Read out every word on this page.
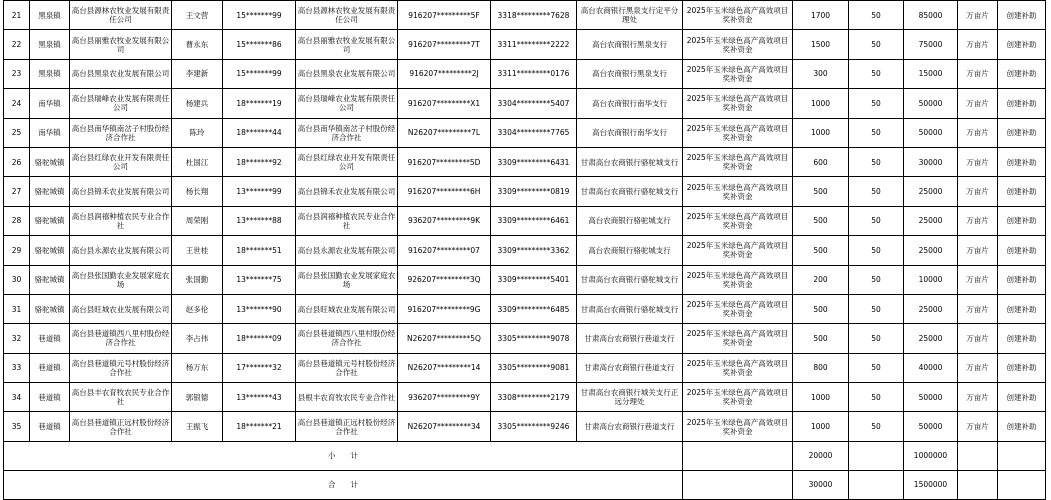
21	黑泉镇	高台县源林农牧业发展有限责任公司	王文营	15*******99	高台县源林农牧业发展有限责任公司	916207*********5F	3318*********7628	高台农商银行黑泉支行定平分理处	2025年玉米绿色高产高效项目奖补资金	1700	50	85000	万亩片	创建补助
22	黑泉镇	高台县丽雅农牧业发展有限公司	曹永东	15*******86	高台县丽雅农牧业发展有限公司	916207*********7T	3311*********2222	高台农商银行黑泉支行	2025年玉米绿色高产高效项目奖补资金	1500	50	75000	万亩片	创建补助
23	黑泉镇	高台县黑泉农业发展有限公司	李建新	15*******99	高台县黑泉农业发展有限公司	916207*********2J	3311*********0176	高台农商银行黑泉支行	2025年玉米绿色高产高效项目奖补资金	300	50	15000	万亩片	创建补助
24	南华镇	高台县瑞峰农业发展有限责任公司	杨建兵	18*******19	高台县瑞峰农业发展有限责任公司	916207*********X1	3304*********5407	高台农商银行南华支行	2025年玉米绿色高产高效项目奖补资金	1000	50	50000	万亩片	创建补助
25	南华镇	高台县南华镇南岔子村股份经济合作社	陈玲	18*******44	高台县南华镇南岔子村股份经济合作社	N26207*********7L	3304*********7765	高台农商银行南华支行	2025年玉米绿色高产高效项目奖补资金	1000	50	50000	万亩片	创建补助
26	骆驼城镇	高台县红绿农业开发有限责任公司	杜国江	18*******92	高台县红绿农业开发有限责任公司	916207*********5D	3309*********6431	甘肃高台农商银行骆驼城支行	2025年玉米绿色高产高效项目奖补资金	600	50	30000	万亩片	创建补助
27	骆驼城镇	高台县锦禾农业发展有限公司	杨长翔	13*******99	高台县锦禾农业发展有限公司	916207*********6H	3309*********0819	甘肃高台农商银行骆驼城支行	2025年玉米绿色高产高效项目奖补资金	500	50	25000	万亩片	创建补助
28	骆驼城镇	高台县润禧种植农民专业合作社	周荣刚	13*******88	高台县润禧种植农民专业合作社	936207*********9K	3309*********6461	高台农商银行骆驼城支行	2025年玉米绿色高产高效项目奖补资金	500	50	25000	万亩片	创建补助
29	骆驼城镇	高台县永源农业发展有限公司	王世桂	18*******51	高台县永源农业发展有限公司	916207*********07	3309*********3362	高台农商银行骆驼城支行	2025年玉米绿色高产高效项目奖补资金	500	50	25000	万亩片	创建补助
30	骆驼城镇	高台县张国勤农业发展家庭农场	张国勤	13*******75	高台县张国勤农业发展家庭农场	926207*********3Q	3309*********5401	甘肃高台农商银行骆驼城支行	2025年玉米绿色高产高效项目奖补资金	200	50	10000	万亩片	创建补助
31	骆驼城镇	高台县旺城农业发展有限公司	赵多伦	13*******90	高台县旺城农业发展有限公司	916207*********9G	3309*********6485	甘肃高台农商银行骆驼城支行	2025年玉米绿色高产高效项目奖补资金	500	50	25000	万亩片	创建补助
32	巷道镇	高台县巷道镇西八里村股份经济合作社	李占伟	18*******09	高台县巷道镇西八里村股份经济合作社	N26207*********5Q	3305*********9078	甘肃高台农商银行巷道支行	2025年玉米绿色高产高效项目奖补资金	500	50	25000	万亩片	创建补助
33	巷道镇	高台县巷道镇元号村股份经济合作社	杨万东	17*******32	高台县巷道镇元号村股份经济合作社	N26207*********14	3305*********9081	甘肃高台农商银行巷道支行	2025年玉米绿色高产高效项目奖补资金	800	50	40000	万亩片	创建补助
34	巷道镇	高台县丰农育牧农民专业合作社	郭银德	13*******43	县根丰农育牧农民专业合作社	936207*********9Y	3308*********2179	甘肃高台农商银行城关支行正远分理处	2025年玉米绿色高产高效项目奖补资金	1000	50	50000	万亩片	创建补助
35	巷道镇	高台县巷道镇正远村股份经济合作社	王振飞	18*******21	高台县巷道镇正远村股份经济合作社	N26207*********34	3305*********9246	甘肃高台农商银行巷道支行	2025年玉米绿色高产高效项目奖补资金	1000	50	50000	万亩片	创建补助
小　　计										20000		1000000		
合　　计										30000		1500000		
